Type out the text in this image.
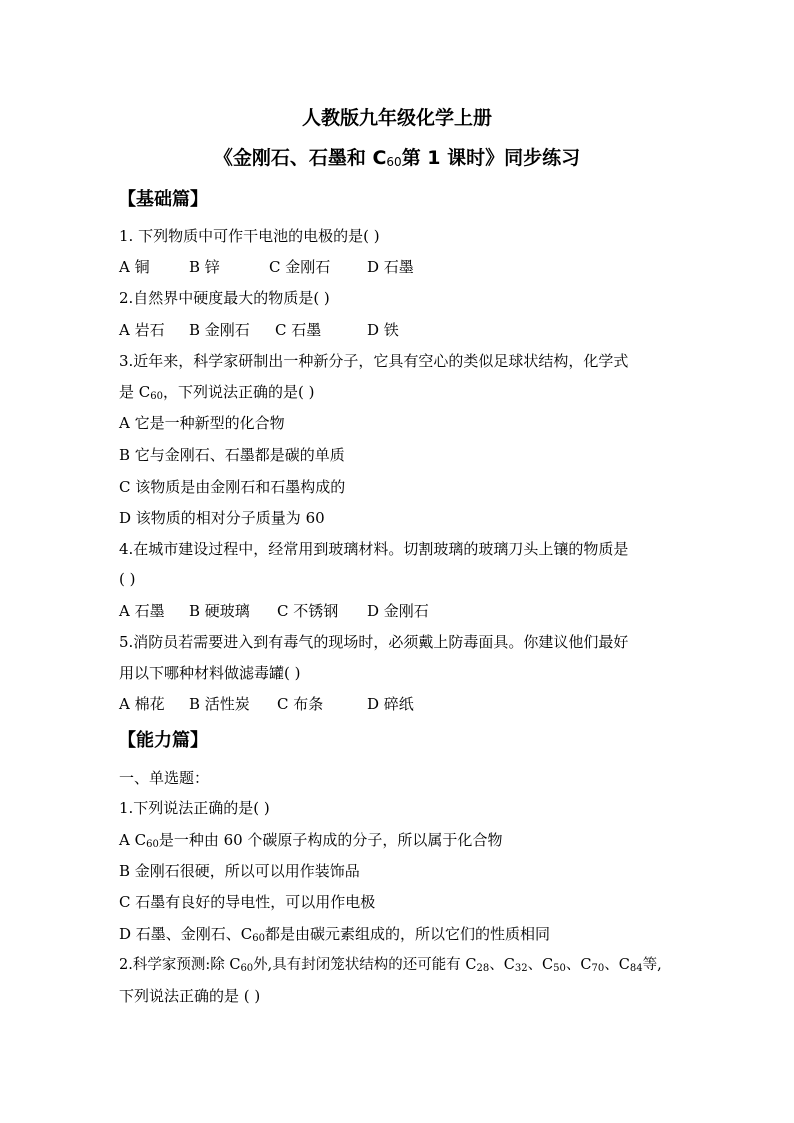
人教版九年级化学上册
《金刚石、石墨和 $C_{60}$第 1 课时》同步练习
【基础篇】
1. 下列物质中可作干电池的电极的是( )
A 铜	B 锌	C 金刚石 D 石墨
2.自然界中硬度最大的物质是( )
A 岩石 B 金刚石 C 石墨	D 铁
3.近年来，科学家研制出一种新分子，它具有空心的类似足球状结构，化学式
是 $C_{60}$，下列说法正确的是( )
A 它是一种新型的化合物
B 它与金刚石、石墨都是碳的单质
C 该物质是由金刚石和石墨构成的
D 该物质的相对分子质量为 60
4.在城市建设过程中，经常用到玻璃材料。切割玻璃的玻璃刀头上镶的物质是
( )
A 石墨 B 硬玻璃 C 不锈钢 D 金刚石
5.消防员若需要进入到有毒气的现场时，必须戴上防毒面具。你建议他们最好
用以下哪种材料做滤毒罐( )
A 棉花 B 活性炭 C 布条	D 碎纸
【能力篇】
一、单选题：
1.下列说法正确的是( )
A $C_{60}$是一种由 60 个碳原子构成的分子，所以属于化合物
B 金刚石很硬，所以可以用作装饰品
C 石墨有良好的导电性，可以用作电极
D 石墨、金刚石、$C_{60}$都是由碳元素组成的，所以它们的性质相同
2.科学家预测:除 $C_{60}$外,具有封闭笼状结构的还可能有 $C_{28}$、$C_{32}$、$C_{50}$、$C_{70}$、$C_{84}$等,
下列说法正确的是 ( )
